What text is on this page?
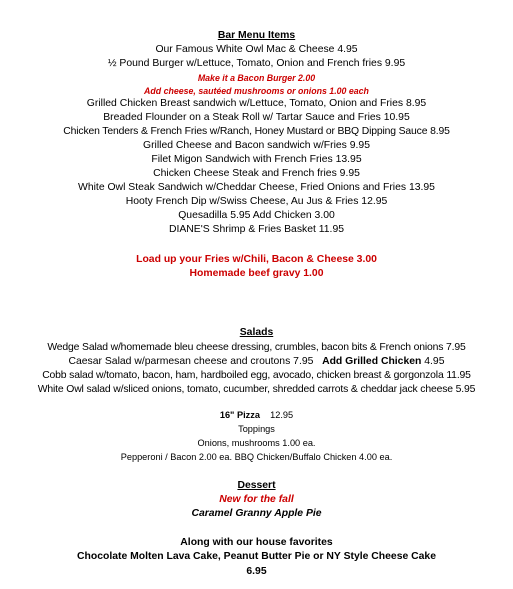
Bar Menu Items
Our Famous White Owl Mac & Cheese 4.95
½ Pound Burger w/Lettuce, Tomato, Onion and French fries 9.95
Make it a Bacon Burger 2.00
Add cheese, sautéed mushrooms or onions 1.00 each
Grilled Chicken Breast sandwich w/Lettuce, Tomato, Onion and Fries 8.95
Breaded Flounder on a Steak Roll w/ Tartar Sauce and Fries 10.95
Chicken Tenders & French Fries w/Ranch, Honey Mustard or BBQ Dipping Sauce 8.95
Grilled Cheese and Bacon sandwich w/Fries 9.95
Filet Migon Sandwich with French Fries 13.95
Chicken Cheese Steak and French fries 9.95
White Owl Steak Sandwich w/Cheddar Cheese, Fried Onions and Fries 13.95
Hooty French Dip w/Swiss Cheese, Au Jus & Fries 12.95
Quesadilla 5.95 Add Chicken 3.00
DIANE'S Shrimp & Fries Basket 11.95
Load up your Fries w/Chili, Bacon & Cheese 3.00
Homemade beef gravy 1.00
Salads
Wedge Salad w/homemade bleu cheese dressing, crumbles, bacon bits & French onions 7.95
Caesar Salad w/parmesan cheese and croutons 7.95 Add Grilled Chicken 4.95
Cobb salad w/tomato, bacon, ham, hardboiled egg, avocado, chicken breast & gorgonzola 11.95
White Owl salad w/sliced onions, tomato, cucumber, shredded carrots & cheddar jack cheese 5.95
16" Pizza 12.95
Toppings
Onions, mushrooms 1.00 ea.
Pepperoni / Bacon 2.00 ea. BBQ Chicken/Buffalo Chicken 4.00 ea.
Dessert
New for the fall
Caramel Granny Apple Pie
Along with our house favorites
Chocolate Molten Lava Cake, Peanut Butter Pie or NY Style Cheese Cake
6.95
